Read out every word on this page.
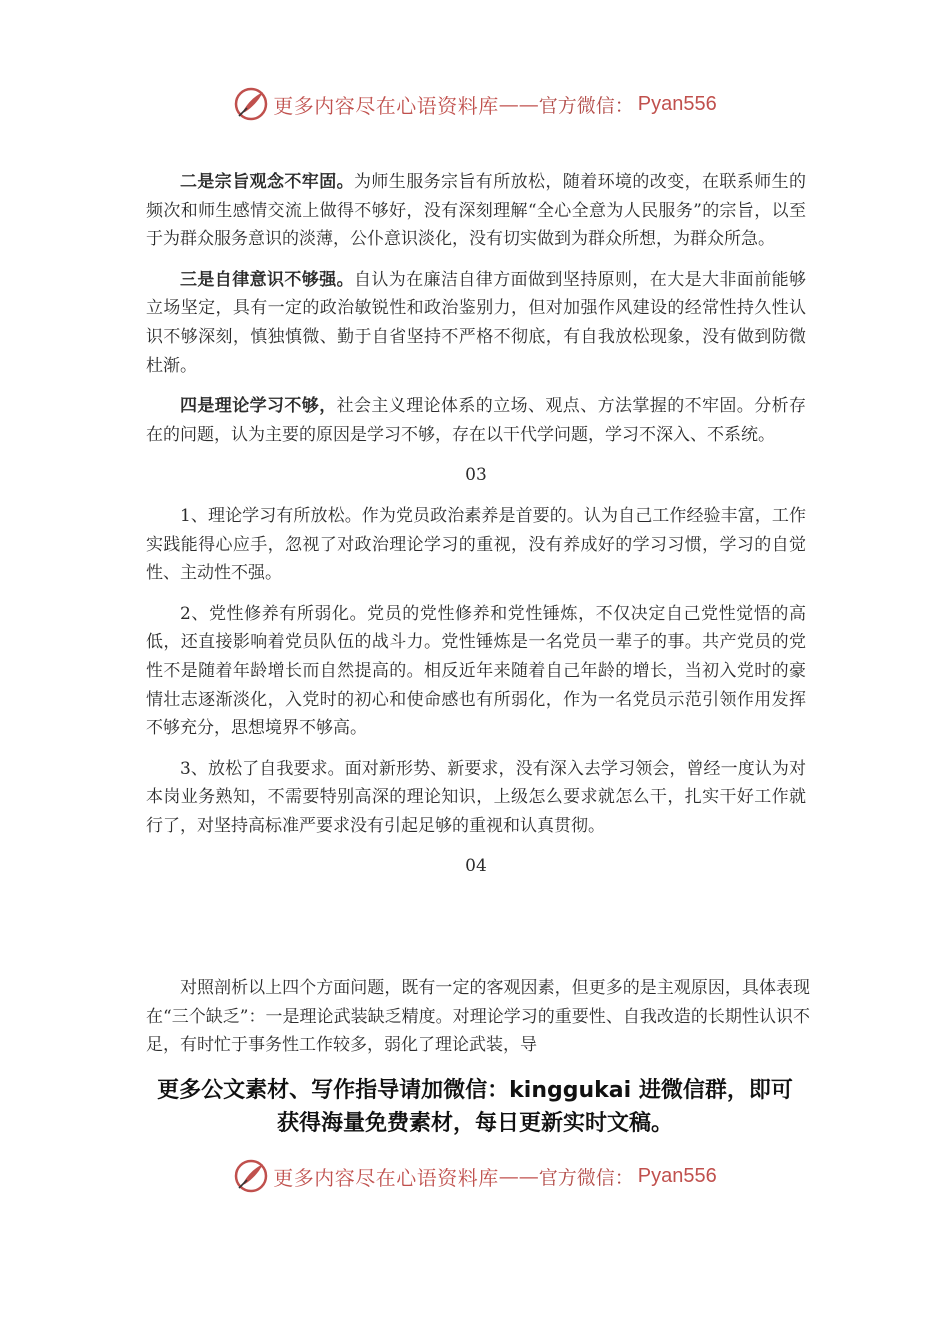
更多内容尽在心语资料库 —— 官方微信： Pyan556

二是宗旨观念不牢固。为师生服务宗旨有所放松，随着环境的改变，在联系师生的频次和师生感情交流上做得不够好，没有深刻理解“全心全意为人民服务”的宗旨，以至于为群众服务意识的淡薄，公仆意识淡化，没有切实做到为群众所想，为群众所急。

三是自律意识不够强。自认为在廉洁自律方面做到坚持原则，在大是大非面前能够立场坚定，具有一定的政治敏锐性和政治鉴别力，但对加强作风建设的经常性持久性认识不够深刻，慎独慎微、勤于自省坚持不严格不彻底，有自我放松现象，没有做到防微杜渐。

四是理论学习不够，社会主义理论体系的立场、观点、方法掌握的不牢固。分析存在的问题，认为主要的原因是学习不够，存在以干代学问题，学习不深入、不系统。

03

1、理论学习有所放松。作为党员政治素养是首要的。认为自己工作经验丰富，工作实践能得心应手，忽视了对政治理论学习的重视，没有养成好的学习习惯，学习的自觉性、主动性不强。

2、党性修养有所弱化。党员的党性修养和党性锤炼，不仅决定自己党性觉悟的高低，还直接影响着党员队伍的战斗力。党性锤炼是一名党员一辈子的事。共产党员的党性不是随着年龄增长而自然提高的。相反近年来随着自己年龄的增长，当初入党时的豪情壮志逐渐淡化，入党时的初心和使命感也有所弱化，作为一名党员示范引领作用发挥不够充分，思想境界不够高。

3、放松了自我要求。面对新形势、新要求，没有深入去学习领会，曾经一度认为对本岗业务熟知，不需要特别高深的理论知识，上级怎么要求就怎么干，扎实干好工作就行了，对坚持高标准严要求没有引起足够的重视和认真贯彻。

04

对照剖析以上四个方面问题，既有一定的客观因素，但更多的是主观原因，具体表现在“三个缺乏”：一是理论武装缺乏精度。对理论学习的重要性、自我改造的长期性认识不足，有时忙于事务性工作较多，弱化了理论武装，导

更多公文素材、写作指导请加微信：kinggukai 进微信群，即可
获得海量免费素材，每日更新实时文稿。
更多内容尽在心语资料库 —— 官方微信： Pyan556
